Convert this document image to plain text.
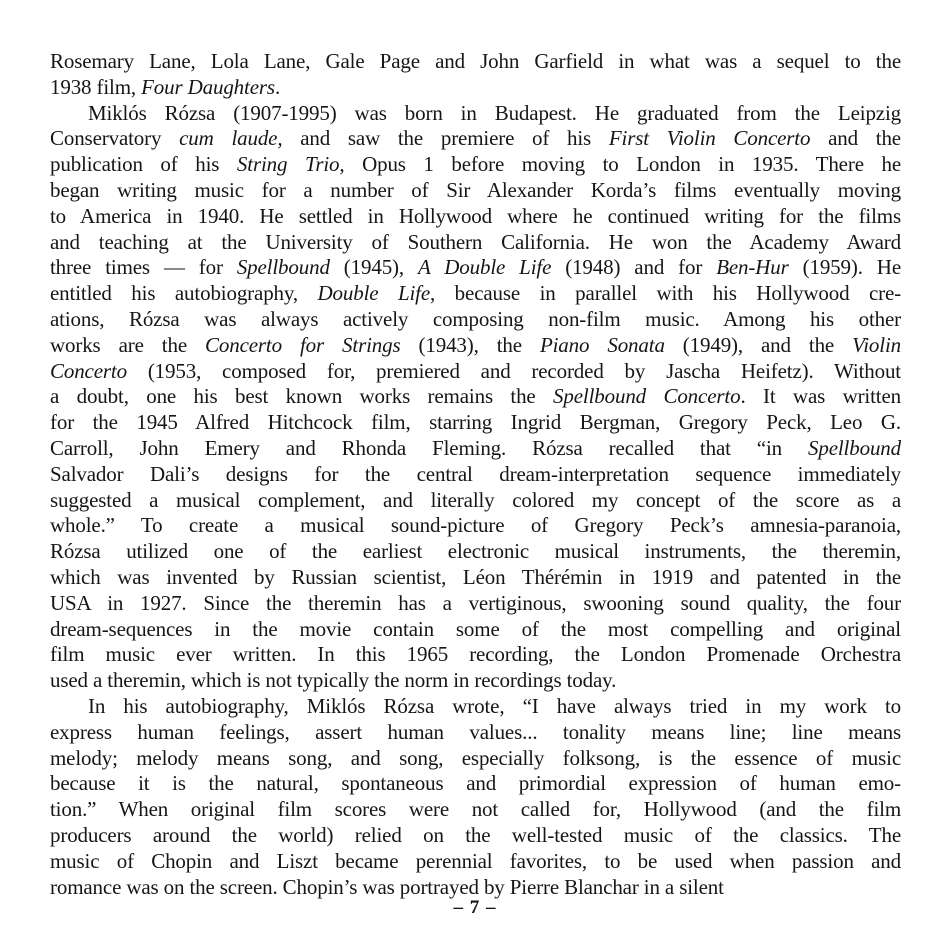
Rosemary Lane, Lola Lane, Gale Page and John Garfield in what was a sequel to the
1938 film, Four Daughters.
Miklós Rózsa (1907-1995) was born in Budapest. He graduated from the Leipzig
Conservatory cum laude, and saw the premiere of his First Violin Concerto and the
publication of his String Trio, Opus 1 before moving to London in 1935. There he
began writing music for a number of Sir Alexander Korda’s films eventually moving
to America in 1940. He settled in Hollywood where he continued writing for the films
and teaching at the University of Southern California. He won the Academy Award
three times — for Spellbound (1945), A Double Life (1948) and for Ben-Hur (1959). He
entitled his autobiography, Double Life, because in parallel with his Hollywood cre-
ations, Rózsa was always actively composing non-film music. Among his other
works are the Concerto for Strings (1943), the Piano Sonata (1949), and the Violin
Concerto (1953, composed for, premiered and recorded by Jascha Heifetz). Without
a doubt, one his best known works remains the Spellbound Concerto. It was written
for the 1945 Alfred Hitchcock film, starring Ingrid Bergman, Gregory Peck, Leo G.
Carroll, John Emery and Rhonda Fleming. Rózsa recalled that “in Spellbound
Salvador Dali’s designs for the central dream-interpretation sequence immediately
suggested a musical complement, and literally colored my concept of the score as a
whole.” To create a musical sound-picture of Gregory Peck’s amnesia-paranoia,
Rózsa utilized one of the earliest electronic musical instruments, the theremin,
which was invented by Russian scientist, Léon Thérémin in 1919 and patented in the
USA in 1927. Since the theremin has a vertiginous, swooning sound quality, the four
dream-sequences in the movie contain some of the most compelling and original
film music ever written. In this 1965 recording, the London Promenade Orchestra
used a theremin, which is not typically the norm in recordings today.
In his autobiography, Miklós Rózsa wrote, “I have always tried in my work to
express human feelings, assert human values... tonality means line; line means
melody; melody means song, and song, especially folksong, is the essence of music
because it is the natural, spontaneous and primordial expression of human emo-
tion.” When original film scores were not called for, Hollywood (and the film
producers around the world) relied on the well-tested music of the classics. The
music of Chopin and Liszt became perennial favorites, to be used when passion and
romance was on the screen. Chopin’s was portrayed by Pierre Blanchar in a silent
– 7 –
